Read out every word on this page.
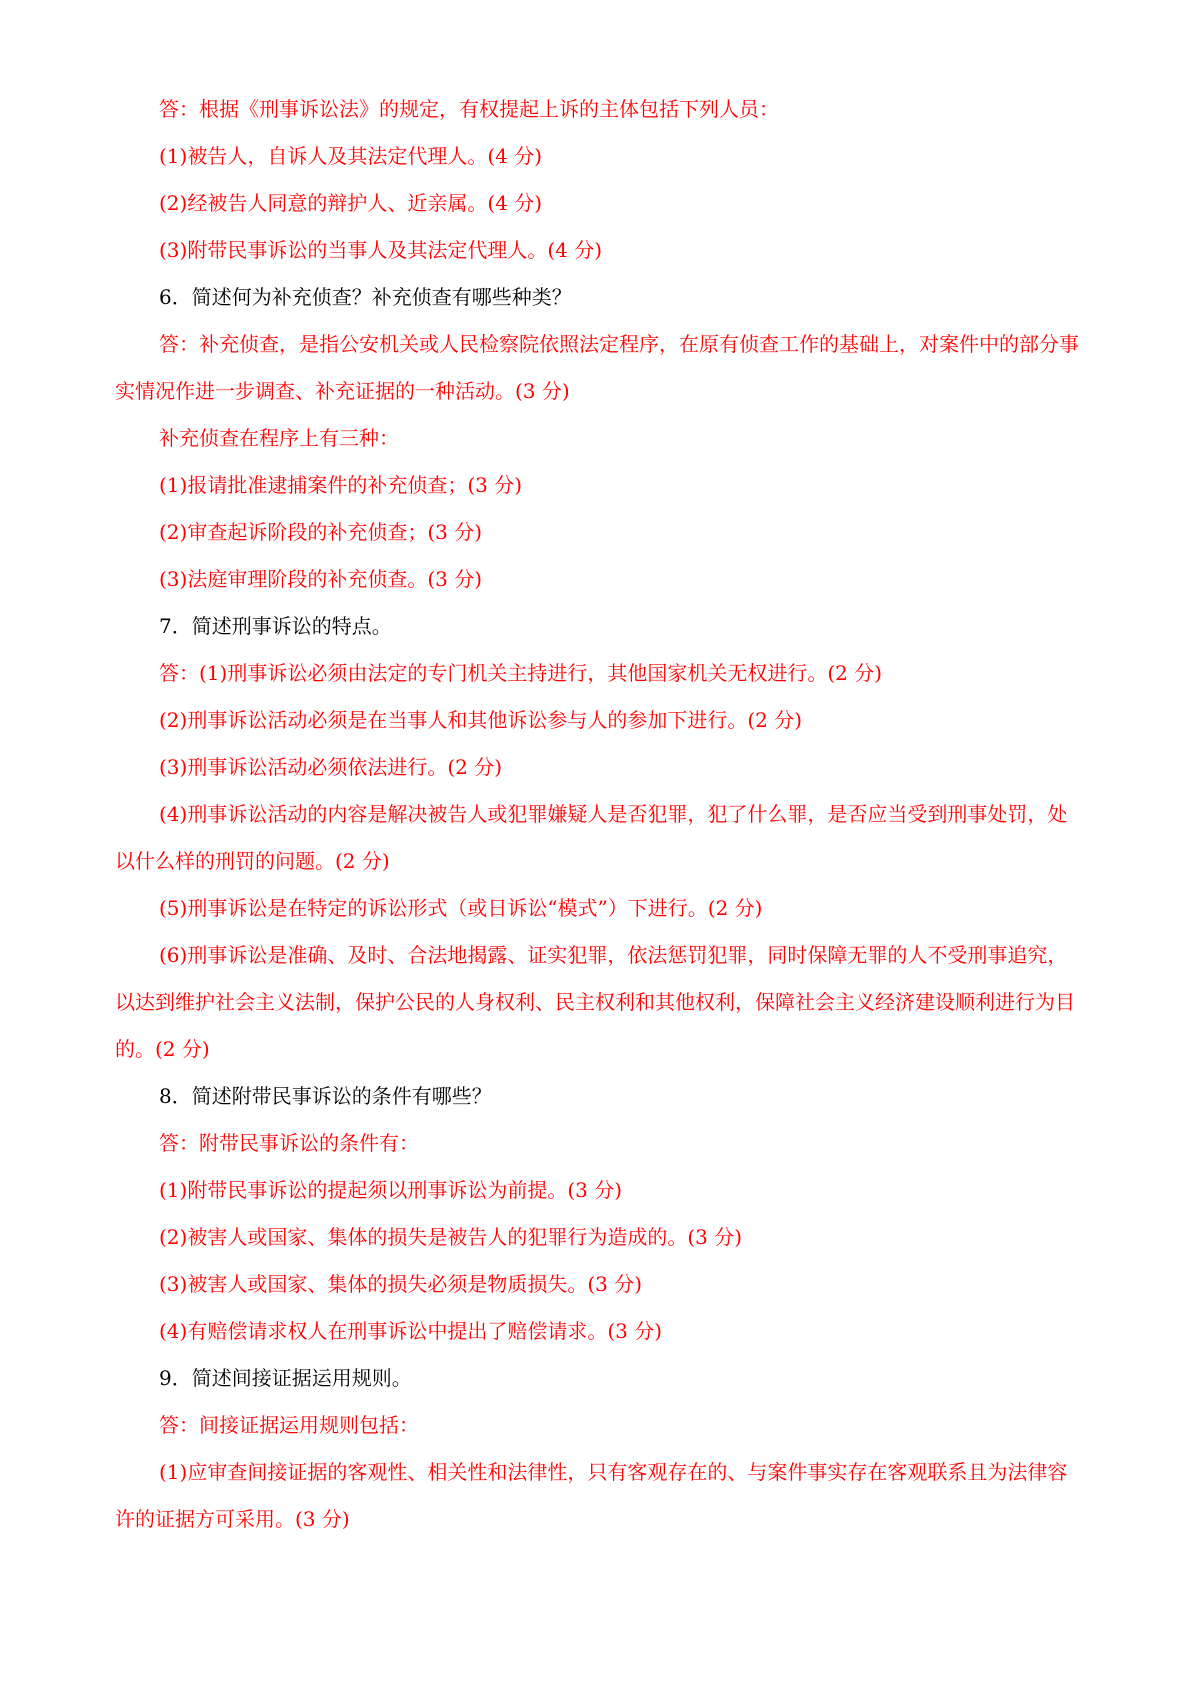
答：根据《刑事诉讼法》的规定，有权提起上诉的主体包括下列人员：
(1)被告人，自诉人及其法定代理人。(4 分)
(2)经被告人同意的辩护人、近亲属。(4 分)
(3)附带民事诉讼的当事人及其法定代理人。(4 分)
6．简述何为补充侦查？补充侦查有哪些种类？
答：补充侦查，是指公安机关或人民检察院依照法定程序，在原有侦查工作的基础上，对案件中的部分事实情况作进一步调查、补充证据的一种活动。(3 分)
补充侦查在程序上有三种：
(1)报请批准逮捕案件的补充侦查；(3 分)
(2)审查起诉阶段的补充侦查；(3 分)
(3)法庭审理阶段的补充侦查。(3 分)
7．简述刑事诉讼的特点。
答：(1)刑事诉讼必须由法定的专门机关主持进行，其他国家机关无权进行。(2 分)
(2)刑事诉讼活动必须是在当事人和其他诉讼参与人的参加下进行。(2 分)
(3)刑事诉讼活动必须依法进行。(2 分)
(4)刑事诉讼活动的内容是解决被告人或犯罪嫌疑人是否犯罪，犯了什么罪，是否应当受到刑事处罚，处以什么样的刑罚的问题。(2 分)
(5)刑事诉讼是在特定的诉讼形式（或日诉讼“模式”）下进行。(2 分)
(6)刑事诉讼是准确、及时、合法地揭露、证实犯罪，依法惩罚犯罪，同时保障无罪的人不受刑事追究，以达到维护社会主义法制，保护公民的人身权利、民主权利和其他权利，保障社会主义经济建设顺利进行为目的。(2 分)
8．简述附带民事诉讼的条件有哪些？
答：附带民事诉讼的条件有：
(1)附带民事诉讼的提起须以刑事诉讼为前提。(3 分)
(2)被害人或国家、集体的损失是被告人的犯罪行为造成的。(3 分)
(3)被害人或国家、集体的损失必须是物质损失。(3 分)
(4)有赔偿请求权人在刑事诉讼中提出了赔偿请求。(3 分)
9．简述间接证据运用规则。
答：间接证据运用规则包括：
(1)应审查间接证据的客观性、相关性和法律性，只有客观存在的、与案件事实存在客观联系且为法律容许的证据方可采用。(3 分)
